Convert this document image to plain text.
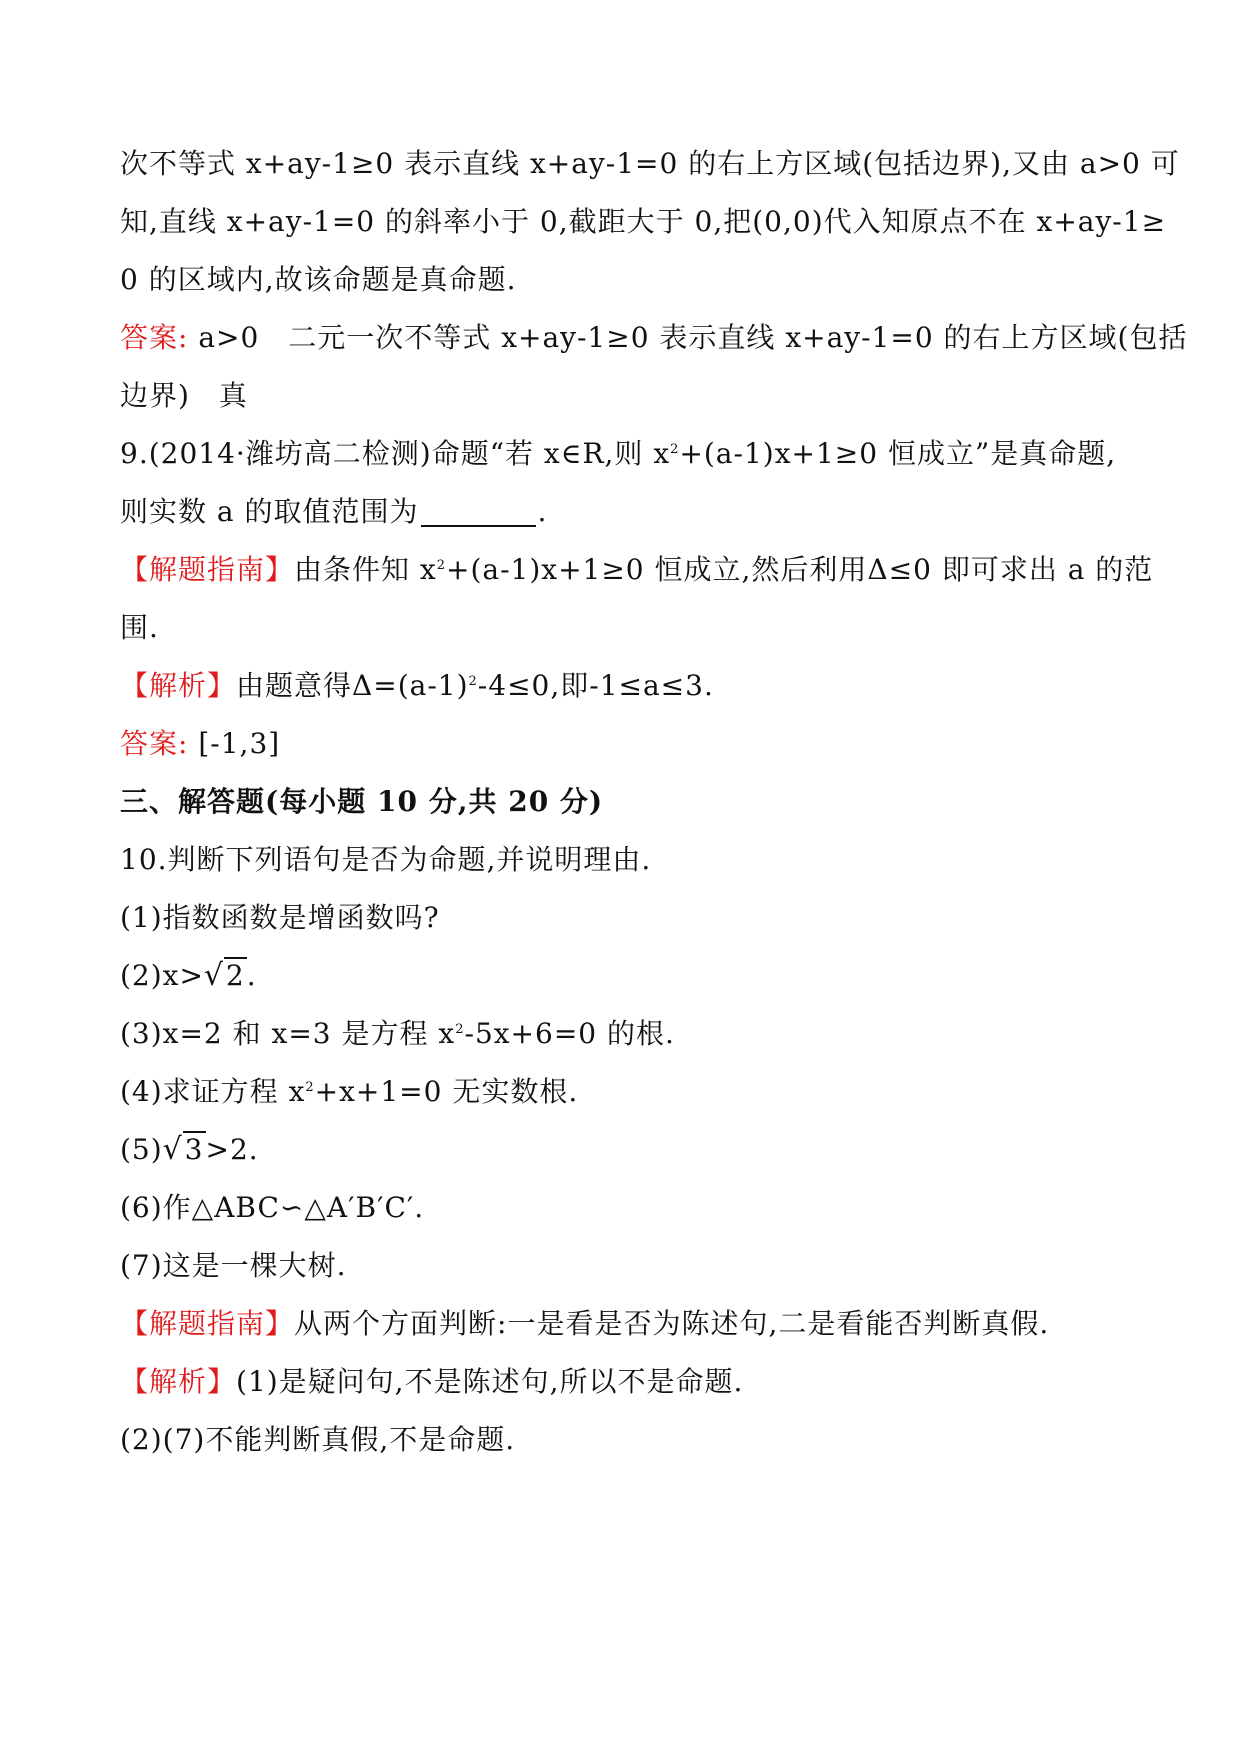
次不等式 x+ay-1≥0 表示直线 x+ay-1=0 的右上方区域(包括边界),又由 a>0 可
知,直线 x+ay-1=0 的斜率小于 0,截距大于 0,把(0,0)代入知原点不在 x+ay-1≥
0 的区域内,故该命题是真命题.
答案: a>0　二元一次不等式 x+ay-1≥0 表示直线 x+ay-1=0 的右上方区域(包括
边界)　真
9.(2014·潍坊高二检测)命题“若 x∈R,则 $x^2+(a-1)x+1\ge 0$ 恒成立”是真命题,
则实数 a 的取值范围为	.
【解题指南】由条件知 $x^2+(a-1)x+1\ge 0$ 恒成立,然后利用Δ≤0 即可求出 a 的范
围.
【解析】由题意得$\Delta=(a-1)^2-4\le 0$,即-1≤a≤3.
答案: [-1,3]
三、解答题(每小题 10 分,共 20 分)
10.判断下列语句是否为命题,并说明理由.
(1)指数函数是增函数吗?
(2)x> √ 2.
(3)x=2 和 x=3 是方程 $x^2-5x+6=0$ 的根.
(4)求证方程 $x^2+x+1=0$ 无实数根.
(5) √ 3>2.
(6)作△ABC∽△A′B′C′.
(7)这是一棵大树.
【解题指南】从两个方面判断:一是看是否为陈述句,二是看能否判断真假.
【解析】(1)是疑问句,不是陈述句,所以不是命题.
(2)(7)不能判断真假,不是命题.
